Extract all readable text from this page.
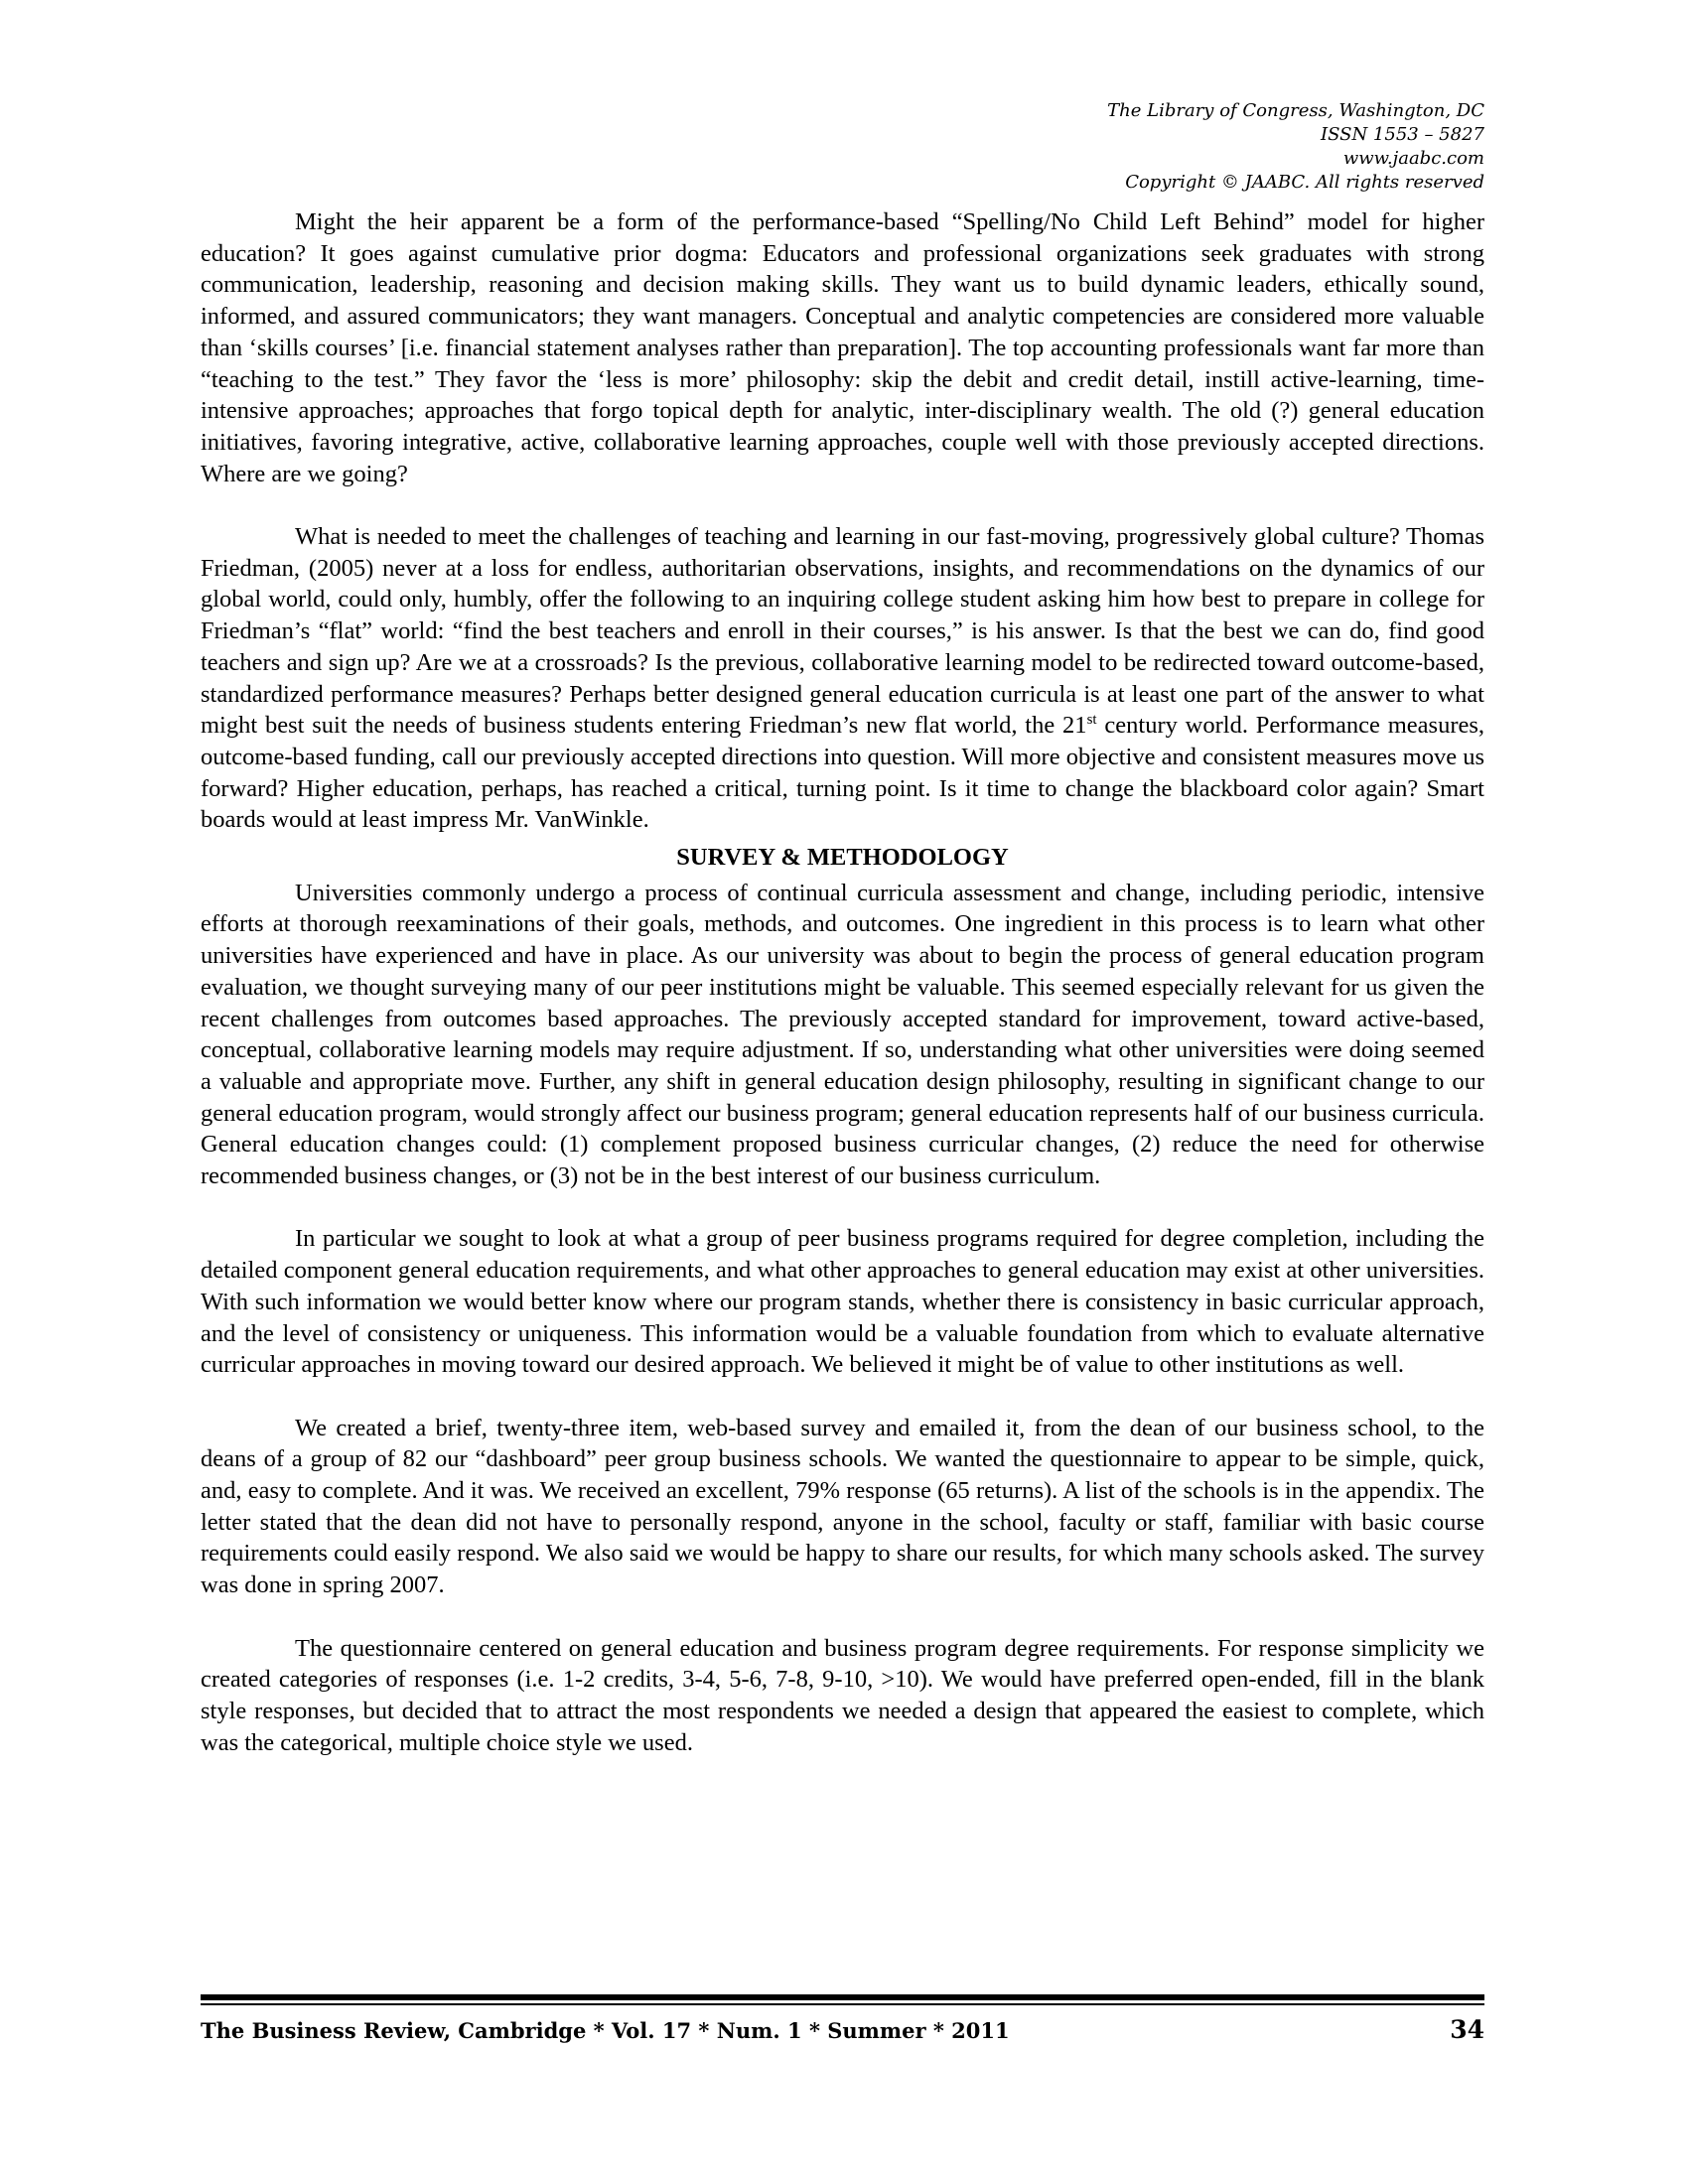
The Library of Congress, Washington, DC
ISSN 1553 – 5827
www.jaabc.com
Copyright © JAABC. All rights reserved

Might the heir apparent be a form of the performance-based “Spelling/No Child Left Behind” model for higher education? It goes against cumulative prior dogma: Educators and professional organizations seek graduates with strong communication, leadership, reasoning and decision making skills. They want us to build dynamic leaders, ethically sound, informed, and assured communicators; they want managers. Conceptual and analytic competencies are considered more valuable than ‘skills courses’ [i.e. financial statement analyses rather than preparation]. The top accounting professionals want far more than “teaching to the test.” They favor the ‘less is more’ philosophy: skip the debit and credit detail, instill active-learning, time-intensive approaches; approaches that forgo topical depth for analytic, inter-disciplinary wealth. The old (?) general education initiatives, favoring integrative, active, collaborative learning approaches, couple well with those previously accepted directions. Where are we going?

What is needed to meet the challenges of teaching and learning in our fast-moving, progressively global culture? Thomas Friedman, (2005) never at a loss for endless, authoritarian observations, insights, and recommendations on the dynamics of our global world, could only, humbly, offer the following to an inquiring college student asking him how best to prepare in college for Friedman’s “flat” world: “find the best teachers and enroll in their courses,” is his answer. Is that the best we can do, find good teachers and sign up? Are we at a crossroads? Is the previous, collaborative learning model to be redirected toward outcome-based, standardized performance measures? Perhaps better designed general education curricula is at least one part of the answer to what might best suit the needs of business students entering Friedman’s new flat world, the 21st century world. Performance measures, outcome-based funding, call our previously accepted directions into question. Will more objective and consistent measures move us forward? Higher education, perhaps, has reached a critical, turning point. Is it time to change the blackboard color again? Smart boards would at least impress Mr. VanWinkle.

SURVEY & METHODOLOGY

Universities commonly undergo a process of continual curricula assessment and change, including periodic, intensive efforts at thorough reexaminations of their goals, methods, and outcomes. One ingredient in this process is to learn what other universities have experienced and have in place. As our university was about to begin the process of general education program evaluation, we thought surveying many of our peer institutions might be valuable. This seemed especially relevant for us given the recent challenges from outcomes based approaches. The previously accepted standard for improvement, toward active-based, conceptual, collaborative learning models may require adjustment. If so, understanding what other universities were doing seemed a valuable and appropriate move. Further, any shift in general education design philosophy, resulting in significant change to our general education program, would strongly affect our business program; general education represents half of our business curricula. General education changes could: (1) complement proposed business curricular changes, (2) reduce the need for otherwise recommended business changes, or (3) not be in the best interest of our business curriculum.

In particular we sought to look at what a group of peer business programs required for degree completion, including the detailed component general education requirements, and what other approaches to general education may exist at other universities. With such information we would better know where our program stands, whether there is consistency in basic curricular approach, and the level of consistency or uniqueness. This information would be a valuable foundation from which to evaluate alternative curricular approaches in moving toward our desired approach. We believed it might be of value to other institutions as well.

We created a brief, twenty-three item, web-based survey and emailed it, from the dean of our business school, to the deans of a group of 82 our “dashboard” peer group business schools. We wanted the questionnaire to appear to be simple, quick, and, easy to complete. And it was. We received an excellent, 79% response (65 returns). A list of the schools is in the appendix. The letter stated that the dean did not have to personally respond, anyone in the school, faculty or staff, familiar with basic course requirements could easily respond. We also said we would be happy to share our results, for which many schools asked. The survey was done in spring 2007.

The questionnaire centered on general education and business program degree requirements. For response simplicity we created categories of responses (i.e. 1-2 credits, 3-4, 5-6, 7-8, 9-10, >10). We would have preferred open-ended, fill in the blank style responses, but decided that to attract the most respondents we needed a design that appeared the easiest to complete, which was the categorical, multiple choice style we used.

The Business Review, Cambridge * Vol. 17 * Num. 1 * Summer * 2011	34
